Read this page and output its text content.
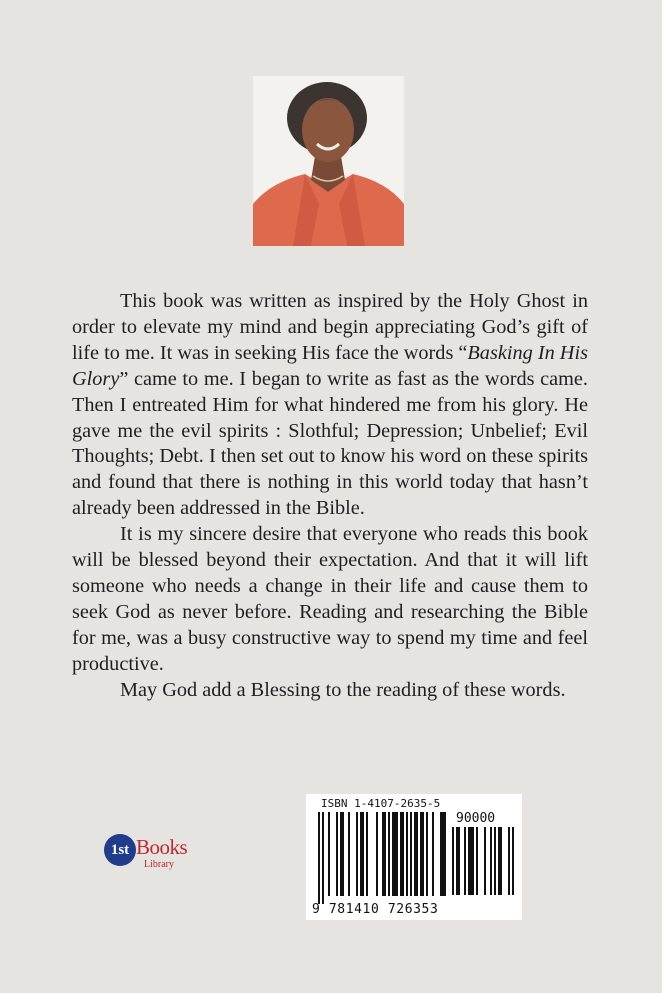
This book was written as inspired by the Holy Ghost in order to elevate my mind and begin appreciating God’s gift of life to me. It was in seeking His face the words “Basking In His Glory” came to me. I began to write as fast as the words came. Then I entreated Him for what hindered me from his glory. He gave me the evil spirits : Slothful; Depression; Unbelief; Evil Thoughts; Debt. I then set out to know his word on these spirits and found that there is nothing in this world today that hasn’t already been addressed in the Bible.

It is my sincere desire that everyone who reads this book will be blessed beyond their expectation. And that it will lift someone who needs a change in their life and cause them to seek God as never before. Reading and researching the Bible for me, was a busy constructive way to spend my time and feel productive.

May God add a Blessing to the reading of these words.

1st Books
Library
ISBN 1-4107-2635-5
90000
9 781410 726353
